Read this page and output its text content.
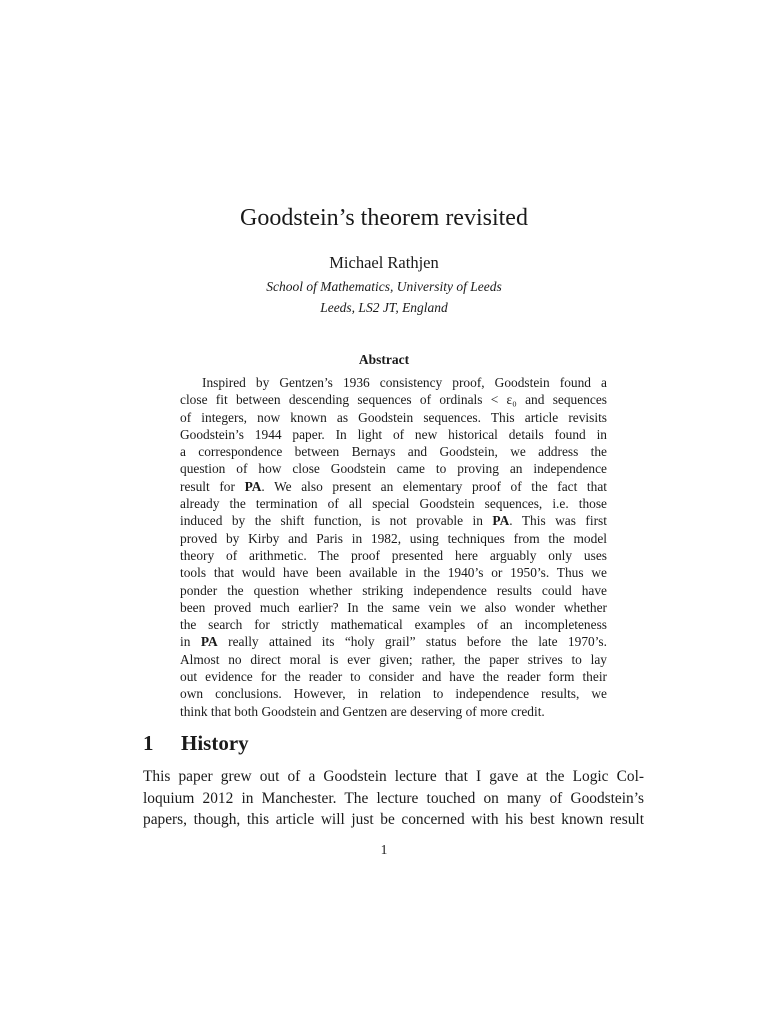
Goodstein’s theorem revisited
Michael Rathjen
School of Mathematics, University of Leeds
Leeds, LS2 JT, England
Abstract
Inspired by Gentzen’s 1936 consistency proof, Goodstein found a
close fit between descending sequences of ordinals < ε₀ and sequences
of integers, now known as Goodstein sequences. This article revisits
Goodstein’s 1944 paper. In light of new historical details found in
a correspondence between Bernays and Goodstein, we address the
question of how close Goodstein came to proving an independence
result for PA. We also present an elementary proof of the fact that
already the termination of all special Goodstein sequences, i.e. those
induced by the shift function, is not provable in PA. This was first
proved by Kirby and Paris in 1982, using techniques from the model
theory of arithmetic. The proof presented here arguably only uses
tools that would have been available in the 1940’s or 1950’s. Thus we
ponder the question whether striking independence results could have
been proved much earlier? In the same vein we also wonder whether
the search for strictly mathematical examples of an incompleteness
in PA really attained its “holy grail” status before the late 1970’s.
Almost no direct moral is ever given; rather, the paper strives to lay
out evidence for the reader to consider and have the reader form their
own conclusions. However, in relation to independence results, we
think that both Goodstein and Gentzen are deserving of more credit.
1 History
This paper grew out of a Goodstein lecture that I gave at the Logic Col-
loquium 2012 in Manchester. The lecture touched on many of Goodstein’s
papers, though, this article will just be concerned with his best known result
1
